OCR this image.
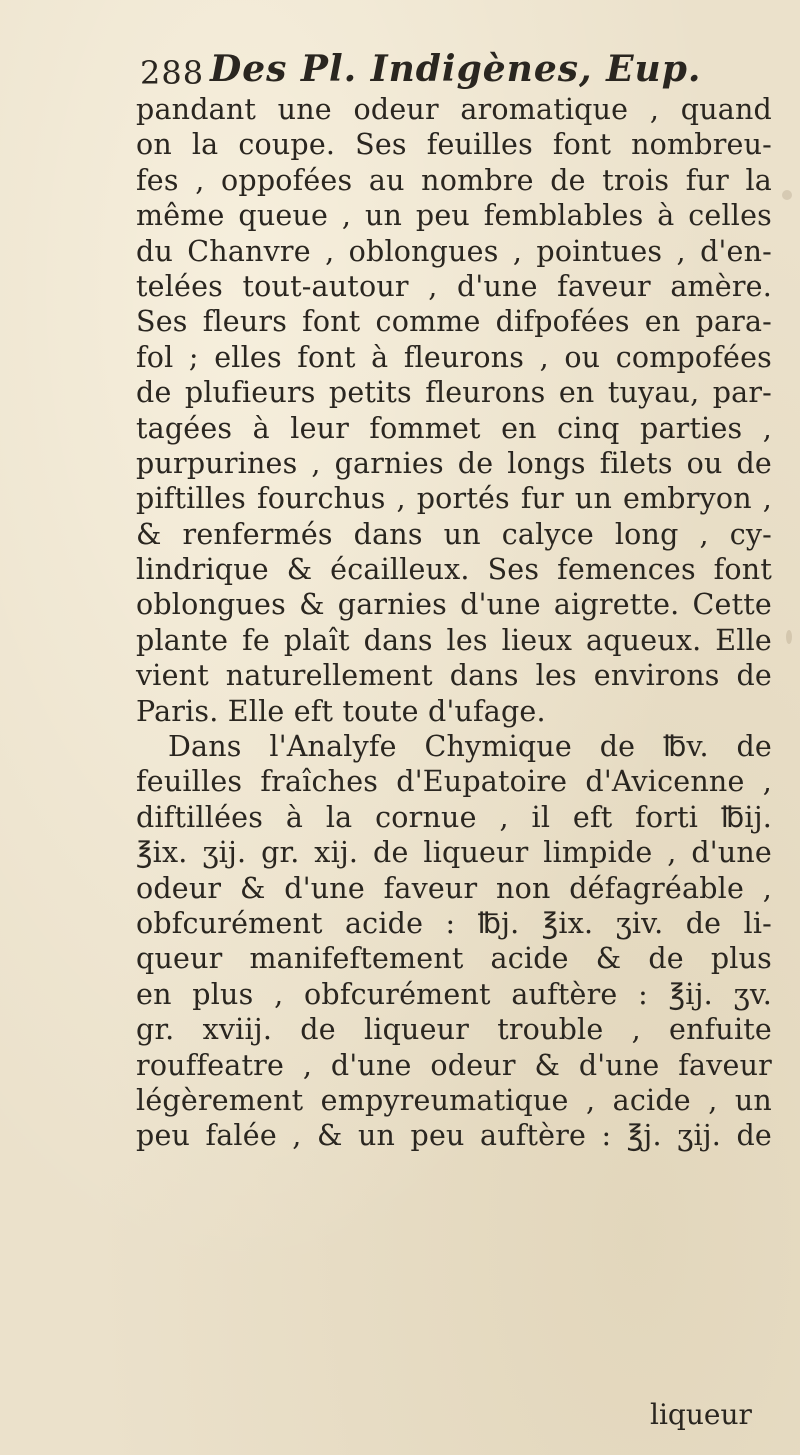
288 Des Pl. Indigènes, Eup.
pandant une odeur aromatique , quand
on la coupe. Ses feuilles font nombreu-
fes , oppofées au nombre de trois fur la
même queue , un peu femblables à celles
du Chanvre , oblongues , pointues , d'en-
telées tout-autour , d'une faveur amère.
Ses fleurs font comme difpofées en para-
fol ; elles font à fleurons , ou compofées
de plufieurs petits fleurons en tuyau, par-
tagées à leur fommet en cinq parties ,
purpurines , garnies de longs filets ou de
piftilles fourchus , portés fur un embryon ,
& renfermés dans un calyce long , cy-
lindrique & écailleux. Ses femences font
oblongues & garnies d'une aigrette. Cette
plante fe plaît dans les lieux aqueux. Elle
vient naturellement dans les environs de
Paris. Elle eft toute d'ufage.
Dans l'Analyfe Chymique de ℔v. de
feuilles fraîches d'Eupatoire d'Avicenne ,
diftillées à la cornue , il eft forti ℔ij.
℥ix. ʒij. gr. xij. de liqueur limpide , d'une
odeur & d'une faveur non défagréable ,
obfcurément acide : ℔j. ℥ix. ʒiv. de li-
queur manifeftement acide & de plus
en plus , obfcurément auftère : ℥ij. ʒv.
gr. xviij. de liqueur trouble , enfuite
rouffeatre , d'une odeur & d'une faveur
légèrement empyreumatique , acide , un
peu falée , & un peu auftère : ℥j. ʒij. de
liqueur
